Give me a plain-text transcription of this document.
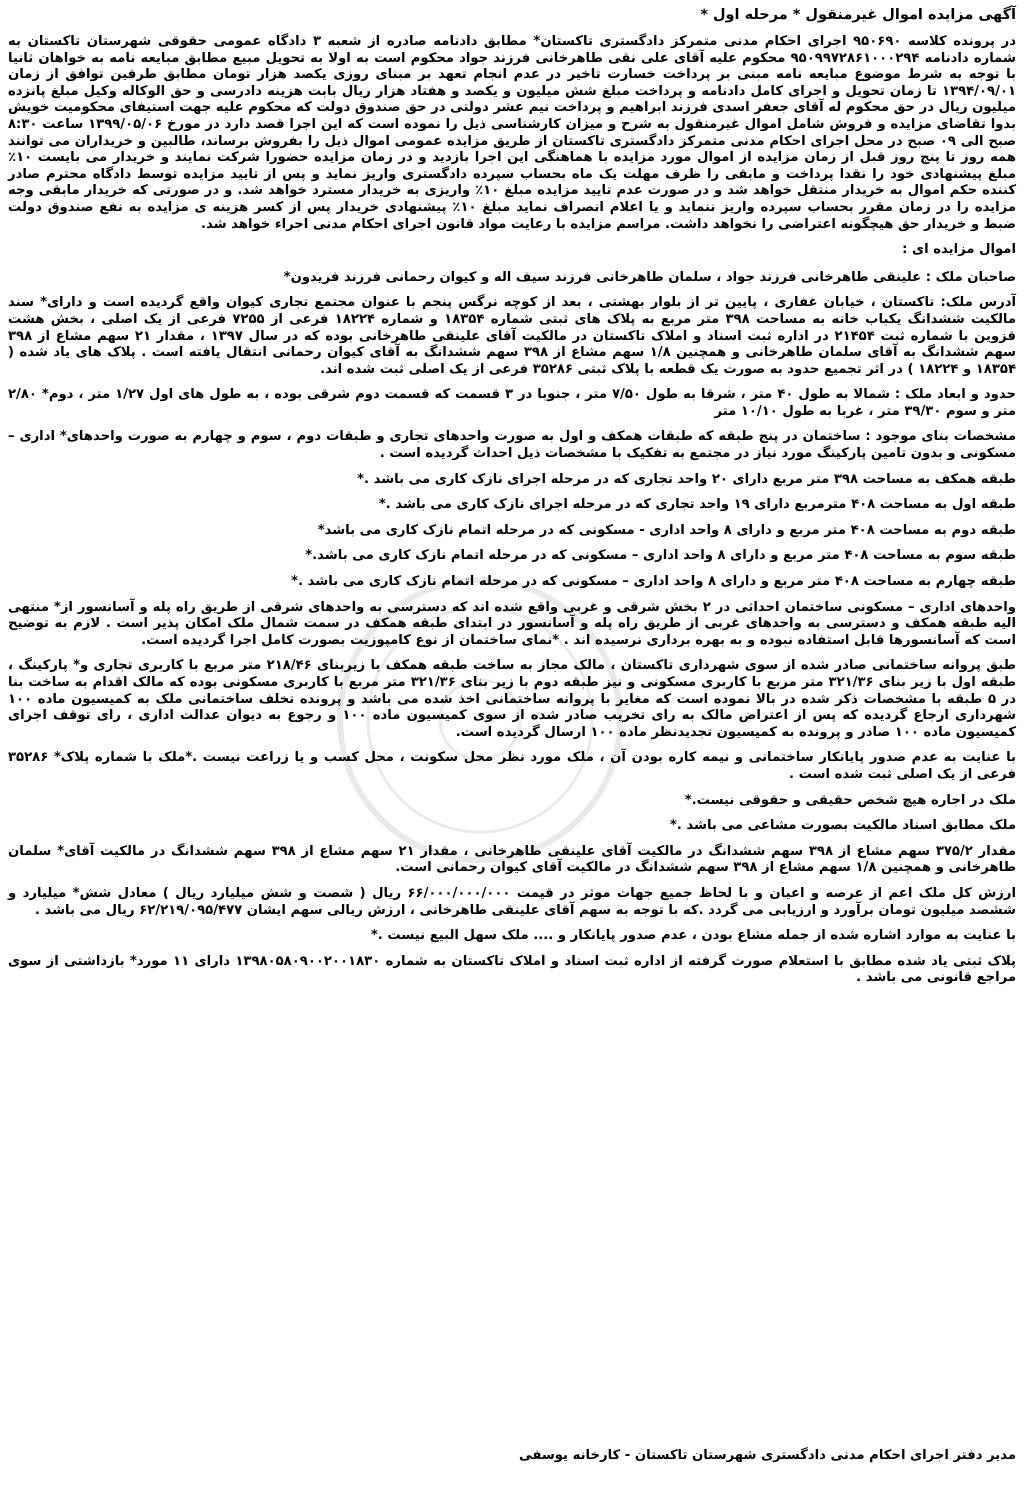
آگهی مزایده اموال غیرمنقول * مرحله اول *

در پرونده کلاسه ۹۵۰۶۹۰ اجرای احکام مدنی متمرکز دادگستری تاکستان* مطابق دادنامه صادره از شعبه ۳ دادگاه عمومی حقوقی شهرستان تاکستان به شماره دادنامه ۹۵۰۹۹۷۲۸۶۱۰۰۰۲۹۴ محکوم علیه آقای علی نقی طاهرخانی فرزند جواد محکوم است به اولا به تحویل مبیع مطابق مبایعه نامه به خواهان ثانیا با توجه به شرط موضوع مبایعه نامه مبنی بر پرداخت خسارت تاخیر در عدم انجام تعهد بر مبنای روزی یکصد هزار تومان مطابق طرفین توافق از زمان ۱۳۹۴/۰۹/۰۱ تا زمان تحویل و اجرای کامل دادنامه و پرداخت مبلغ شش میلیون و یکصد و هفتاد هزار ریال بابت هزینه دادرسی و حق الوکاله وکیل مبلغ پانزده میلیون ریال در حق محکوم له آقای جعفر اسدی فرزند ابراهیم و پرداخت نیم عشر دولتی در حق صندوق دولت که محکوم علیه جهت استیفای محکومیت خویش بدوا تقاضای مزایده و فروش شامل اموال غیرمنقول به شرح و میزان کارشناسی ذیل را نموده است که این اجرا قصد دارد در مورخ ۱۳۹۹/۰۵/۰۶ ساعت ۸:۳۰ صبح الی ۰۹ صبح در محل اجرای احکام مدنی متمرکز دادگستری تاکستان از طریق مزایده عمومی اموال ذیل را بفروش برساند، طالبین و خریداران می توانند همه روز تا پنج روز قبل از زمان مزایده از اموال مورد مزایده با هماهنگی این اجرا بازدید و در زمان مزایده حضورا شرکت نمایند و خریدار می بایست ۱۰٪ مبلغ پیشنهادی خود را نقدا پرداخت و مابقی را ظرف مهلت یک ماه بحساب سپرده دادگستری واریز نماید و پس از تایید مزایده توسط دادگاه محترم صادر کننده حکم اموال به خریدار منتقل خواهد شد و در صورت عدم تایید مزایده مبلغ ۱۰٪ واریزی به خریدار مسترد خواهد شد. و در صورتی که خریدار مابقی وجه مزایده را در زمان مقرر بحساب سپرده واریز ننماید و یا اعلام انصراف نماید مبلغ ۱۰٪ پیشنهادی خریدار پس از کسر هزینه ی مزایده به نفع صندوق دولت ضبط و خریدار حق هیچگونه اعتراضی را نخواهد داشت. مراسم مزایده با رعایت مواد قانون اجرای احکام مدنی اجراء خواهد شد.

اموال مزایده ای :

صاحبان ملک : علینقی طاهرخانی فرزند جواد ، سلمان طاهرخانی فرزند سیف اله و کیوان رحمانی فرزند فریدون*

آدرس ملک: تاکستان ، خیابان غفاری ، پایین تر از بلوار بهشتی ، بعد از کوچه نرگس پنجم با عنوان مجتمع تجاری کیوان واقع گردیده است و دارای* سند مالکیت ششدانگ یکباب خانه به مساحت ۳۹۸ متر مربع به پلاک های ثبتی شماره ۱۸۳۵۴ و شماره ۱۸۲۲۴ فرعی از ۷۲۵۵ فرعی از یک اصلی ، بخش هشت قزوین با شماره ثبت ۲۱۴۵۴ در اداره ثبت اسناد و املاک تاکستان در مالکیت آقای علینقی طاهرخانی بوده که در سال ۱۳۹۷ ، مقدار ۲۱ سهم مشاع از ۳۹۸ سهم ششدانگ به آقای سلمان طاهرخانی و همچنین ۱/۸ سهم مشاع از ۳۹۸ سهم ششدانگ به آقای کیوان رحمانی انتقال یافته است . پلاک های یاد شده ( ۱۸۳۵۴ و ۱۸۲۲۴ ) در اثر تجمیع حدود به صورت یک قطعه با پلاک ثبتی ۳۵۲۸۶ فرعی از یک اصلی ثبت شده اند.

حدود و ابعاد ملک : شمالا به طول ۴۰ متر ، شرقا به طول ۷/۵۰ متر ، جنوبا در ۳ قسمت که قسمت دوم شرقی بوده ، به طول های اول ۱/۲۷ متر ، دوم* ۲/۸۰ متر و سوم ۳۹/۳۰ متر ، غربا به طول ۱۰/۱۰ متر

مشخصات بنای موجود : ساختمان در پنج طبقه که طبقات همکف و اول به صورت واحدهای تجاری و طبقات دوم ، سوم و چهارم به صورت واحدهای* اداری – مسکونی و بدون تامین پارکینگ مورد نیاز در مجتمع به تفکیک با مشخصات ذیل احداث گردیده است .

طبقه همکف به مساحت ۳۹۸ متر مربع دارای ۲۰ واحد تجاری که در مرحله اجرای نازک کاری می باشد .*

طبقه اول به مساحت ۴۰۸ مترمربع دارای ۱۹ واحد تجاری که در مرحله اجرای نازک کاری می باشد .*

طبقه دوم به مساحت ۴۰۸ متر مربع و دارای ۸ واحد اداری - مسکونی که در مرحله اتمام نازک کاری می باشد*

طبقه سوم به مساحت ۴۰۸ متر مربع و دارای ۸ واحد اداری – مسکونی که در مرحله اتمام نازک کاری می باشد.*

طبقه چهارم به مساحت ۴۰۸ متر مربع و دارای ۸ واحد اداری – مسکونی که در مرحله اتمام نازک کاری می باشد .*

واحدهای اداری – مسکونی ساختمان احداثی در ۲ بخش شرقی و غربی واقع شده اند که دسترسی به واحدهای شرقی از طریق راه پله و آسانسور از* منتهی الیه طبقه همکف و دسترسی به واحدهای غربی از طریق راه پله و آسانسور در ابتدای طبقه همکف در سمت شمال ملک امکان پذیر است . لازم به توضیح است که آسانسورها قابل استفاده نبوده و به بهره برداری نرسیده اند . *نمای ساختمان از نوع کامپوزیت بصورت کامل اجرا گردیده است.

طبق پروانه ساختمانی صادر شده از سوی شهرداری تاکستان ، مالک مجاز به ساخت طبقه همکف با زیربنای ۲۱۸/۴۶ متر مربع با کاربری تجاری و* پارکینگ ، طبقه اول با زیر بنای ۳۲۱/۳۶ متر مربع با کاربری مسکونی و نیز طبقه دوم با زیر بنای ۳۲۱/۳۶ متر مربع با کاربری مسکونی بوده که مالک اقدام به ساخت بنا در ۵ طبقه با مشخصات ذکر شده در بالا نموده است که مغایر با پروانه ساختمانی اخذ شده می باشد و پرونده تخلف ساختمانی ملک به کمیسیون ماده ۱۰۰ شهرداری ارجاع گردیده که پس از اعتراض مالک به رای تخریب صادر شده از سوی کمیسیون ماده ۱۰۰ و رجوع به دیوان عدالت اداری ، رای توقف اجرای کمیسیون ماده ۱۰۰ صادر و پرونده به کمیسیون تجدیدنظر ماده ۱۰۰ ارسال گردیده است.

با عنایت به عدم صدور پایانکار ساختمانی و نیمه کاره بودن آن ، ملک مورد نظر محل سکونت ، محل کسب و یا زراعت نیست .*ملک با شماره پلاک* ۳۵۲۸۶ فرعی از یک اصلی ثبت شده است .

ملک در اجاره هیچ شخص حقیقی و حقوقی نیست.*

ملک مطابق اسناد مالکیت بصورت مشاعی می باشد .*

مقدار ۳۷۵/۲ سهم مشاع از ۳۹۸ سهم ششدانگ در مالکیت آقای علینقی طاهرخانی ، مقدار ۲۱ سهم مشاع از ۳۹۸ سهم ششدانگ در مالکیت آقای* سلمان طاهرخانی و همچنین ۱/۸ سهم مشاع از ۳۹۸ سهم ششدانگ در مالکیت آقای کیوان رحمانی است.

ارزش کل ملک اعم از عرصه و اعیان و با لحاظ جمیع جهات موثر در قیمت ۶۶/۰۰۰/۰۰۰/۰۰۰ ریال ( شصت و شش میلیارد ریال ) معادل شش* میلیارد و ششصد میلیون تومان برآورد و ارزیابی می گردد .که با توجه به سهم آقای علینقی طاهرخانی ، ارزش ریالی سهم ایشان ۶۲/۲۱۹/۰۹۵/۴۷۷ ریال می باشد .

با عنایت به موارد اشاره شده از جمله مشاع بودن ، عدم صدور پایانکار و .... ملک سهل البیع نیست .*

پلاک ثبتی یاد شده مطابق با استعلام صورت گرفته از اداره ثبت اسناد و املاک تاکستان به شماره ۱۳۹۸۰۵۸۰۹۰۰۲۰۰۱۸۳۰ دارای ۱۱ مورد* بازداشتی از سوی مراجع قانونی می باشد .

مدیر دفتر اجرای احکام مدنی دادگستری شهرستان تاکستان - کارخانه یوسفی
